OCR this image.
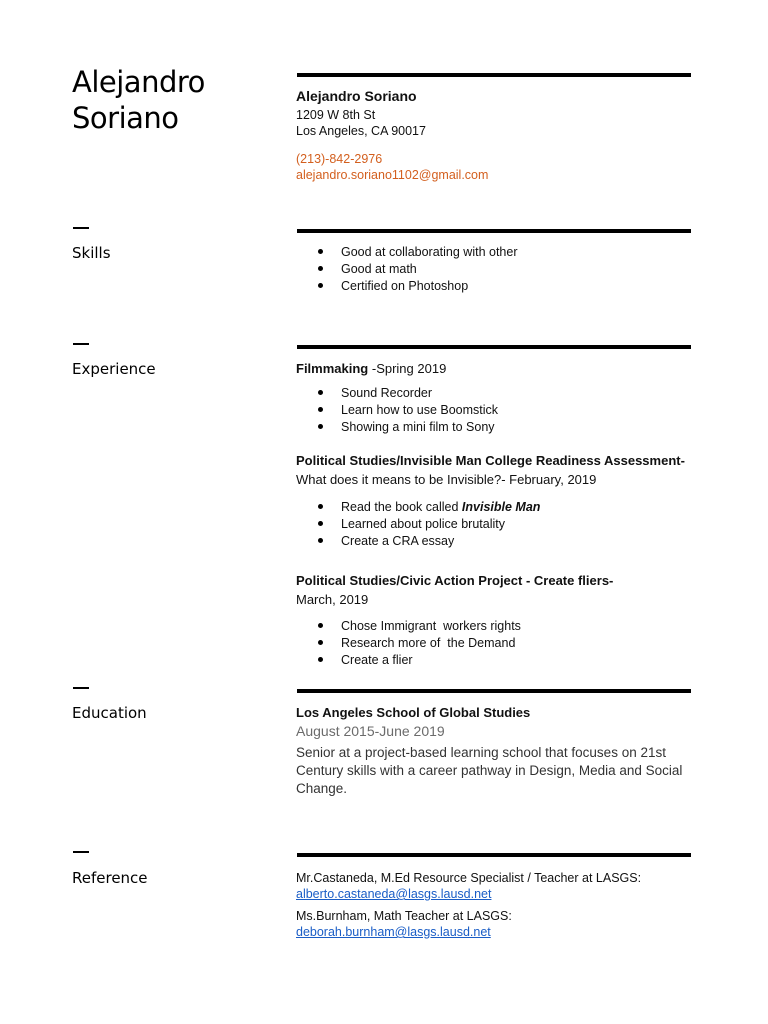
Alejandro
Soriano
Alejandro Soriano
1209 W 8th St
Los Angeles, CA 90017
(213)-842-2976
alejandro.soriano1102@gmail.com
Skills	Good at collaborating with other
Good at math
Certified on Photoshop
Experience	Filmmaking -Spring 2019
Sound Recorder
Learn how to use Boomstick
Showing a mini film to Sony
Political Studies/Invisible Man College Readiness Assessment-
What does it means to be Invisible?- February, 2019
Read the book called Invisible Man
Learned about police brutality
Create a CRA essay
Political Studies/Civic Action Project - Create fliers-
March, 2019
Chose Immigrant  workers rights
Research more of  the Demand
Create a flier
Education	Los Angeles School of Global Studies
August 2015-June 2019
Senior at a project-based learning school that focuses on 21st Century skills with a career pathway in Design, Media and Social Change.
Reference	Mr.Castaneda, M.Ed Resource Specialist / Teacher at LASGS:
alberto.castaneda@lasgs.lausd.net
Ms.Burnham, Math Teacher at LASGS:
deborah.burnham@lasgs.lausd.net
